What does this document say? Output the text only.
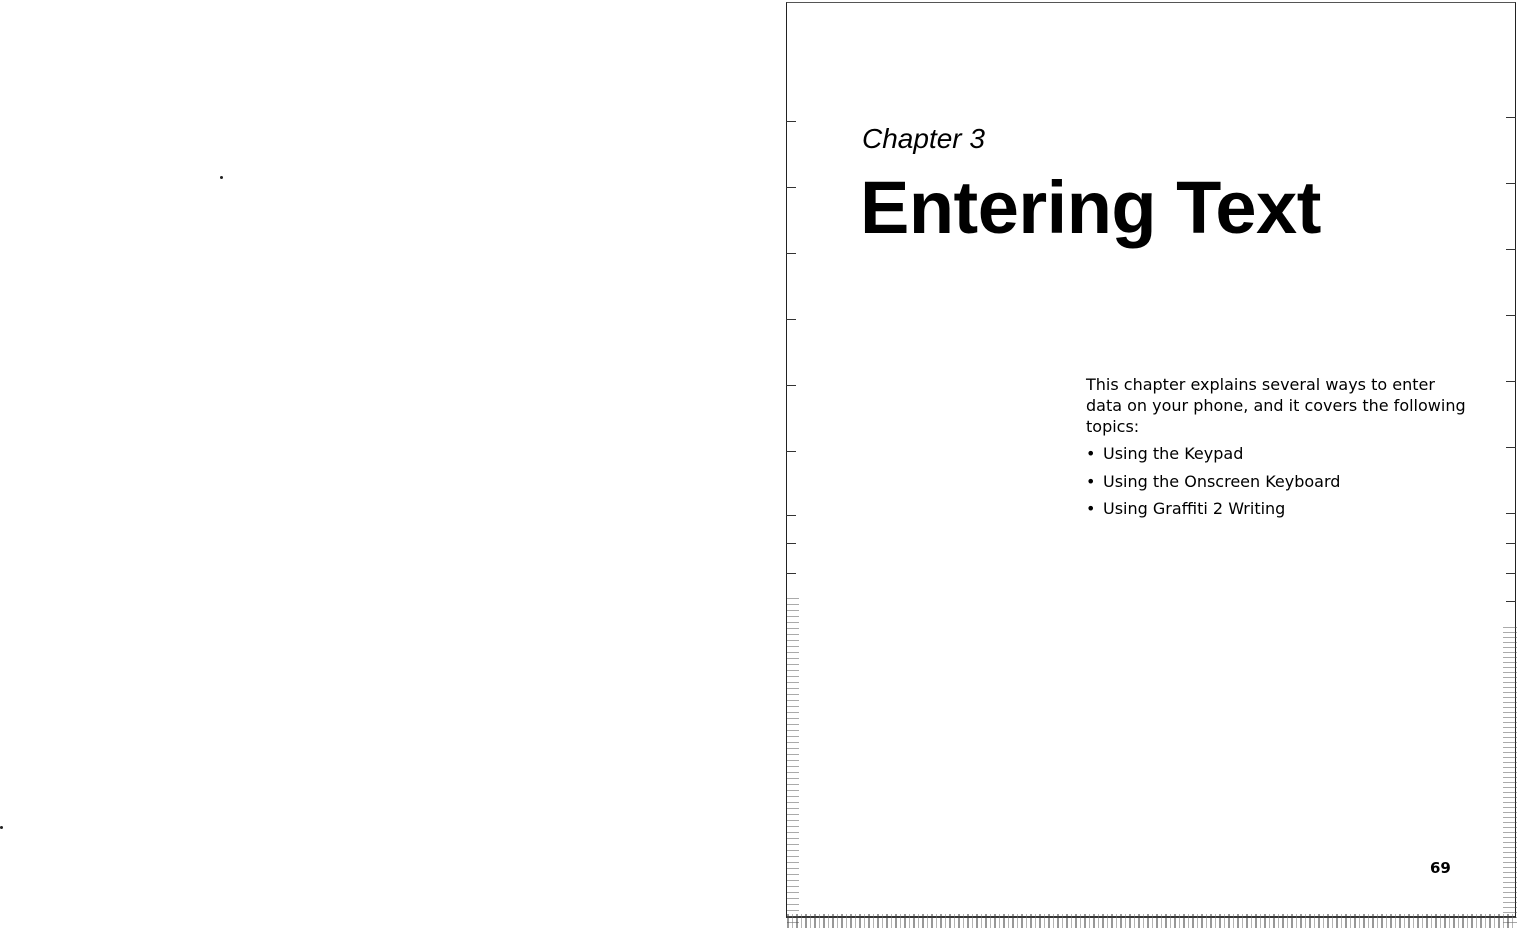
Chapter 3

Entering Text

This chapter explains several ways to enter data on your phone, and it covers the following topics:

• Using the Keypad
• Using the Onscreen Keyboard
• Using Graffiti 2 Writing
69
